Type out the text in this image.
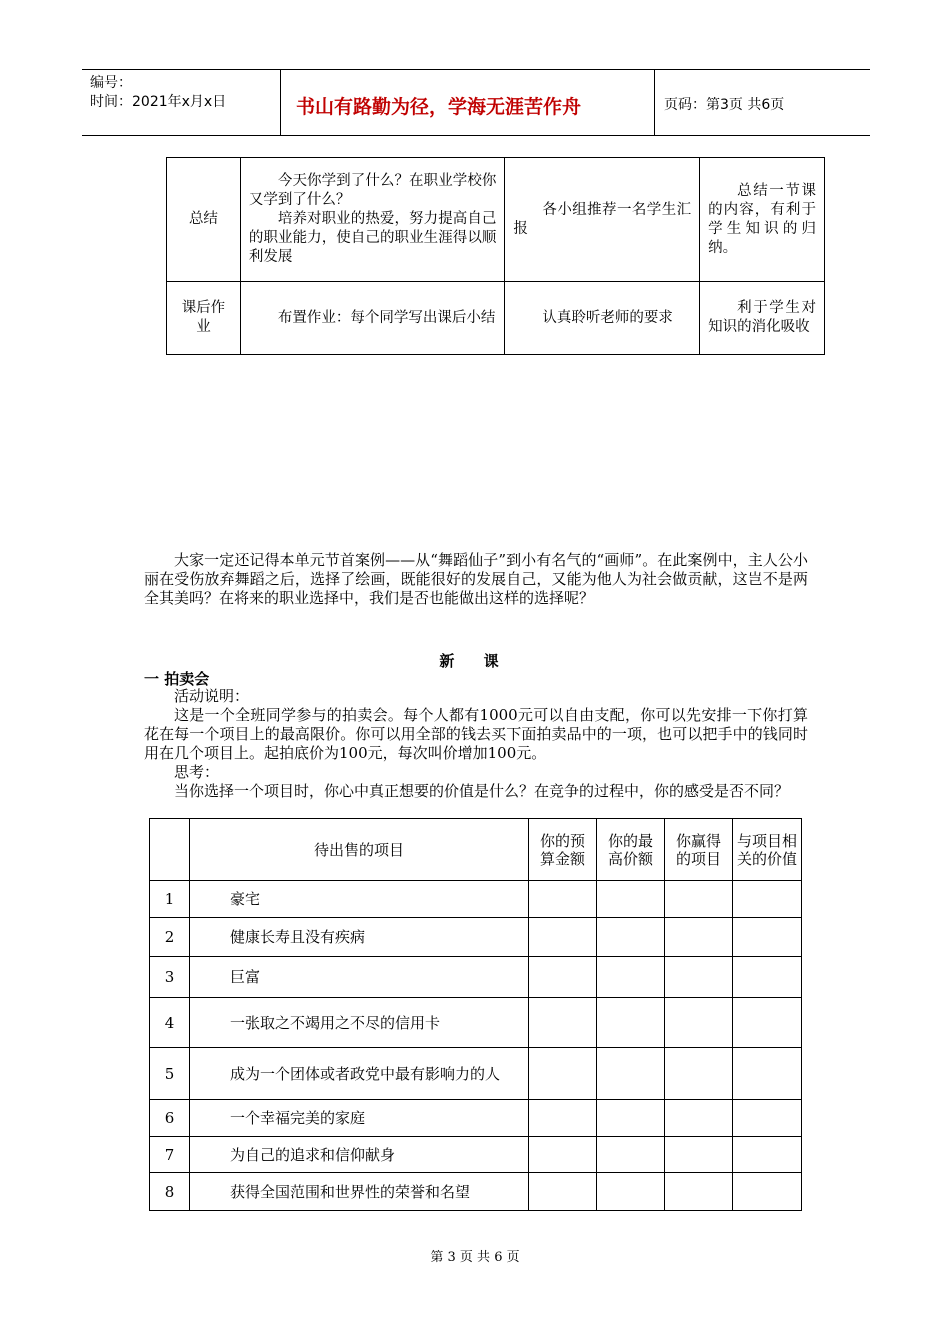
编号：
时间：2021年x月x日	书山有路勤为径，学海无涯苦作舟	页码：第3页 共6页
总结	今天你学到了什么？在职业学校你又学到了什么？
培养对职业的热爱，努力提高自己的职业能力，使自己的职业生涯得以顺利发展	各小组推荐一名学生汇报	总结一节课的内容，有利于学生知识的归纳。
课后作业	布置作业：每个同学写出课后小结	认真聆听老师的要求	利于学生对知识的消化吸收
大家一定还记得本单元节首案例——从“舞蹈仙子”到小有名气的“画师”。在此案例中，主人公小丽在受伤放弃舞蹈之后，选择了绘画，既能很好的发展自己，又能为他人为社会做贡献，这岂不是两全其美吗？在将来的职业选择中，我们是否也能做出这样的选择呢？
新 课
一 拍卖会
活动说明：
这是一个全班同学参与的拍卖会。每个人都有1000元可以自由支配，你可以先安排一下你打算花在每一个项目上的最高限价。你可以用全部的钱去买下面拍卖品中的一项，也可以把手中的钱同时用在几个项目上。起拍底价为100元，每次叫价增加100元。
思考：
当你选择一个项目时，你心中真正想要的价值是什么？在竞争的过程中，你的感受是否不同？
	待出售的项目	你的预算金额	你的最高价额	你赢得的项目	与项目相关的价值
1	豪宅				
2	健康长寿且没有疾病				
3	巨富				
4	一张取之不竭用之不尽的信用卡				
5	成为一个团体或者政党中最有影响力的人				
6	一个幸福完美的家庭				
7	为自己的追求和信仰献身				
8	获得全国范围和世界性的荣誉和名望				
第 3 页 共 6 页
